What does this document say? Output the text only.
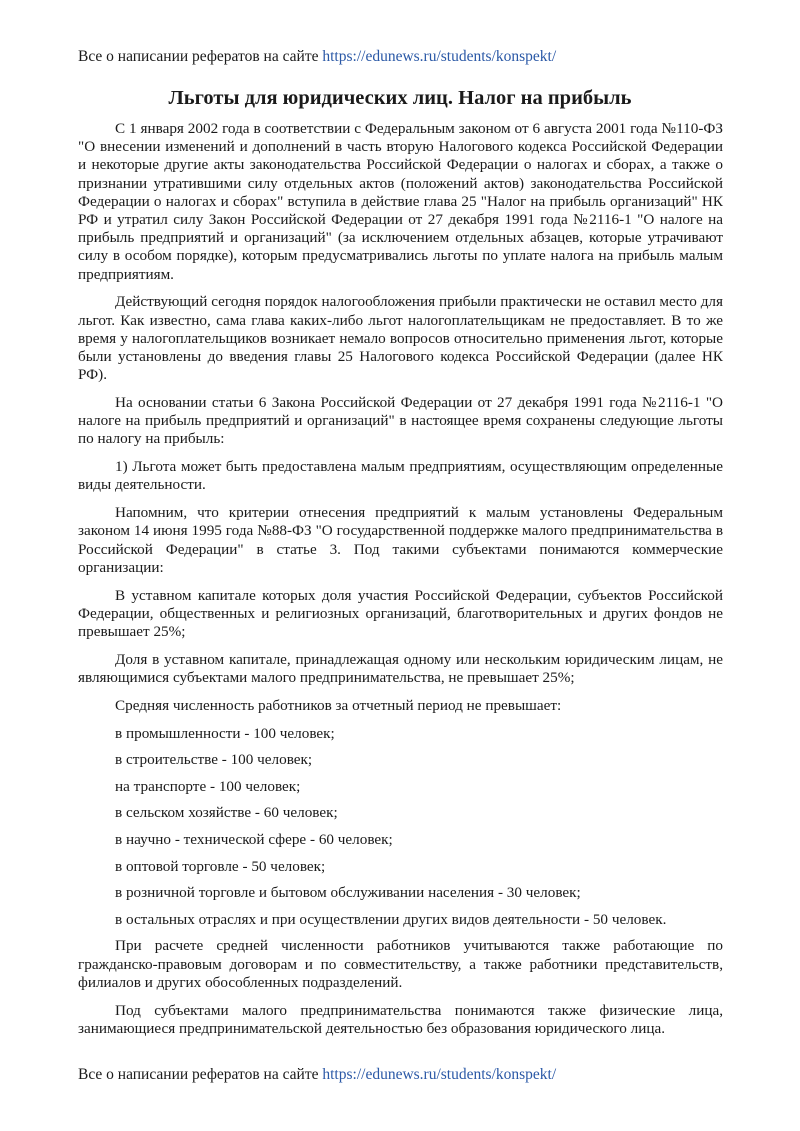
Все о написании рефератов на сайте https://edunews.ru/students/konspekt/
Льготы для юридических лиц. Налог на прибыль

С 1 января 2002 года в соответствии с Федеральным законом от 6 августа 2001 года №110-ФЗ "О внесении изменений и дополнений в часть вторую Налогового кодекса Российской Федерации и некоторые другие акты законодательства Российской Федерации о налогах и сборах, а также о признании утратившими силу отдельных актов (положений актов) законодательства Российской Федерации о налогах и сборах" вступила в действие глава 25 "Налог на прибыль организаций" НК РФ и утратил силу Закон Российской Федерации от 27 декабря 1991 года №2116-1 "О налоге на прибыль предприятий и организаций" (за исключением отдельных абзацев, которые утрачивают силу в особом порядке), которым предусматривались льготы по уплате налога на прибыль малым предприятиям.

Действующий сегодня порядок налогообложения прибыли практически не оставил место для льгот. Как известно, сама глава каких-либо льгот налогоплательщикам не предоставляет. В то же время у налогоплательщиков возникает немало вопросов относительно применения льгот, которые были установлены до введения главы 25 Налогового кодекса Российской Федерации (далее НК РФ).

На основании статьи 6 Закона Российской Федерации от 27 декабря 1991 года №2116-1 "О налоге на прибыль предприятий и организаций" в настоящее время сохранены следующие льготы по налогу на прибыль:

1) Льгота может быть предоставлена малым предприятиям, осуществляющим определенные виды деятельности.

Напомним, что критерии отнесения предприятий к малым установлены Федеральным законом 14 июня 1995 года №88-ФЗ "О государственной поддержке малого предпринимательства в Российской Федерации" в статье 3. Под такими субъектами понимаются коммерческие организации:

В уставном капитале которых доля участия Российской Федерации, субъектов Российской Федерации, общественных и религиозных организаций, благотворительных и других фондов не превышает 25%;

Доля в уставном капитале, принадлежащая одному или нескольким юридическим лицам, не являющимися субъектами малого предпринимательства, не превышает 25%;

Средняя численность работников за отчетный период не превышает:

в промышленности - 100 человек;

в строительстве - 100 человек;

на транспорте - 100 человек;

в сельском хозяйстве - 60 человек;

в научно - технической сфере - 60 человек;

в оптовой торговле - 50 человек;

в розничной торговле и бытовом обслуживании населения - 30 человек;

в остальных отраслях и при осуществлении других видов деятельности - 50 человек.

При расчете средней численности работников учитываются также работающие по гражданско-правовым договорам и по совместительству, а также работники представительств, филиалов и других обособленных подразделений.

Под субъектами малого предпринимательства понимаются также физические лица, занимающиеся предпринимательской деятельностью без образования юридического лица.

Все о написании рефератов на сайте https://edunews.ru/students/konspekt/
